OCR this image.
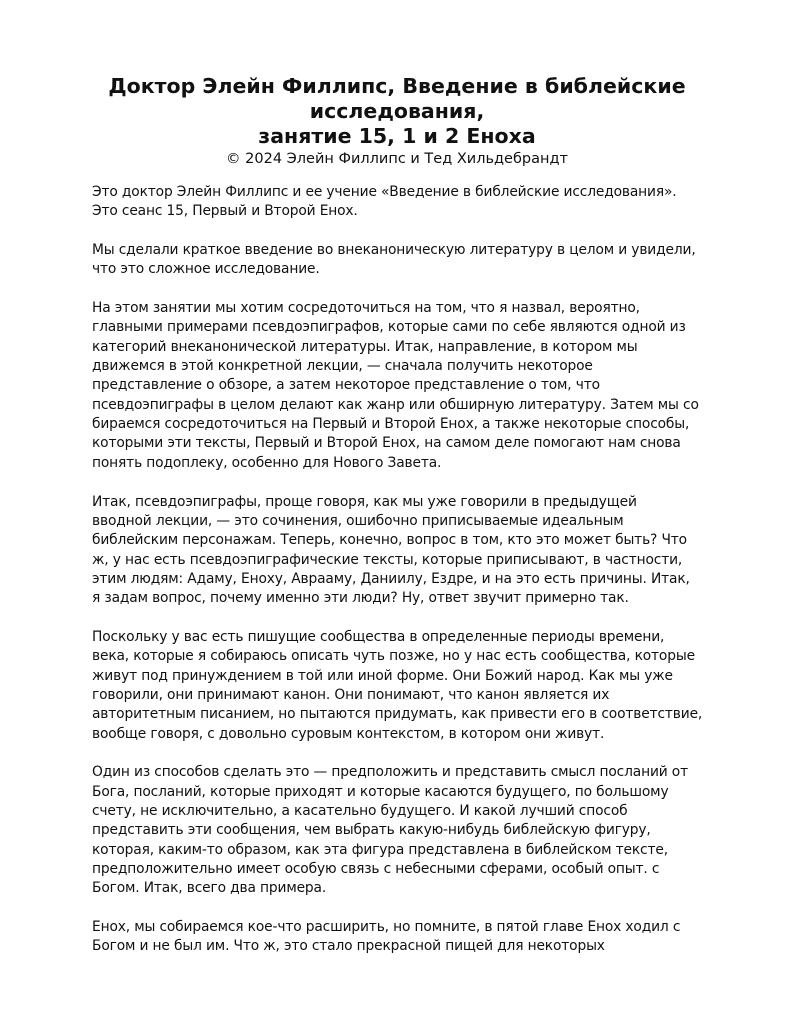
Доктор Элейн Филлипс, Введение в библейские

исследования,

занятие 15, 1 и 2 Еноха

© 2024 Элейн Филлипс и Тед Хильдебрандт

Это доктор Элейн Филлипс и ее учение «Введение в библейские исследования».
Это сеанс 15, Первый и Второй Енох.

Мы сделали краткое введение во внеканоническую литературу в целом и увидели,
что это сложное исследование.

На этом занятии мы хотим сосредоточиться на том, что я назвал, вероятно,
главными примерами псевдоэпиграфов, которые сами по себе являются одной из
категорий внеканонической литературы. Итак, направление, в котором мы
движемся в этой конкретной лекции, — сначала получить некоторое
представление о обзоре, а затем некоторое представление о том, что
псевдоэпиграфы в целом делают как жанр или обширную литературу. Затем мы со
бираемся сосредоточиться на Первый и Второй Енох, а также некоторые способы,
которыми эти тексты, Первый и Второй Енох, на самом деле помогают нам снова
понять подоплеку, особенно для Нового Завета.

Итак, псевдоэпиграфы, проще говоря, как мы уже говорили в предыдущей
вводной лекции, — это сочинения, ошибочно приписываемые идеальным
библейским персонажам. Теперь, конечно, вопрос в том, кто это может быть? Что
ж, у нас есть псевдоэпиграфические тексты, которые приписывают, в частности,
этим людям: Адаму, Еноху, Аврааму, Даниилу, Ездре, и на это есть причины. Итак,
я задам вопрос, почему именно эти люди? Ну, ответ звучит примерно так.

Поскольку у вас есть пишущие сообщества в определенные периоды времени,
века, которые я собираюсь описать чуть позже, но у нас есть сообщества, которые
живут под принуждением в той или иной форме. Они Божий народ. Как мы уже
говорили, они принимают канон. Они понимают, что канон является их
авторитетным писанием, но пытаются придумать, как привести его в соответствие,
вообще говоря, с довольно суровым контекстом, в котором они живут.

Один из способов сделать это — предположить и представить смысл посланий от
Бога, посланий, которые приходят и которые касаются будущего, по большому
счету, не исключительно, а касательно будущего. И какой лучший способ
представить эти сообщения, чем выбрать какую-нибудь библейскую фигуру,
которая, каким-то образом, как эта фигура представлена в библейском тексте,
предположительно имеет особую связь с небесными сферами, особый опыт. с
Богом. Итак, всего два примера.

Енох, мы собираемся кое-что расширить, но помните, в пятой главе Енох ходил с
Богом и не был им. Что ж, это стало прекрасной пищей для некоторых
